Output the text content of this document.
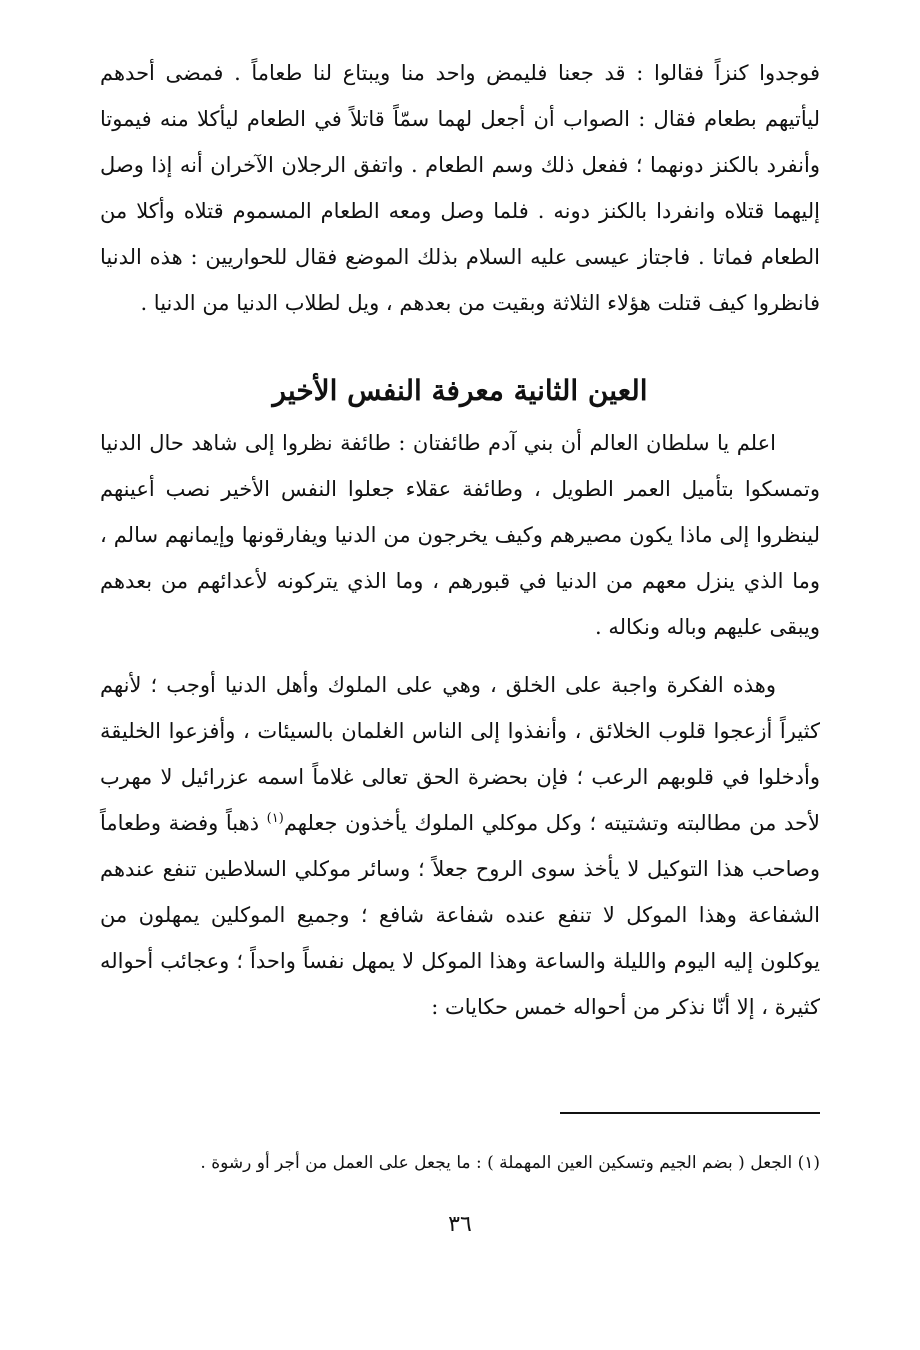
فوجدوا كنزاً فقالوا : قد جعنا فليمض واحد منا ويبتاع لنا طعاماً . فمضى أحدهم ليأتيهم بطعام فقال : الصواب أن أجعل لهما سمّاً قاتلاً في الطعام ليأكلا منه فيموتا وأنفرد بالكنز دونهما ؛ ففعل ذلك وسم الطعام . واتفق الرجلان الآخران أنه إذا وصل إليهما قتلاه وانفردا بالكنز دونه . فلما وصل ومعه الطعام المسموم قتلاه وأكلا من الطعام فماتا . فاجتاز عيسى عليه السلام بذلك الموضع فقال للحواريين : هذه الدنيا فانظروا كيف قتلت هؤلاء الثلاثة وبقيت من بعدهم ، ويل لطلاب الدنيا من الدنيا .

العين الثانية معرفة النفس الأخير

اعلم يا سلطان العالم أن بني آدم طائفتان : طائفة نظروا إلى شاهد حال الدنيا وتمسكوا بتأميل العمر الطويل ، وطائفة عقلاء جعلوا النفس الأخير نصب أعينهم لينظروا إلى ماذا يكون مصيرهم وكيف يخرجون من الدنيا ويفارقونها وإيمانهم سالم ، وما الذي ينزل معهم من الدنيا في قبورهم ، وما الذي يتركونه لأعدائهم من بعدهم ويبقى عليهم وباله ونكاله .

وهذه الفكرة واجبة على الخلق ، وهي على الملوك وأهل الدنيا أوجب ؛ لأنهم كثيراً أزعجوا قلوب الخلائق ، وأنفذوا إلى الناس الغلمان بالسيئات ، وأفزعوا الخليقة وأدخلوا في قلوبهم الرعب ؛ فإن بحضرة الحق تعالى غلاماً اسمه عزرائيل لا مهرب لأحد من مطالبته وتشتيته ؛ وكل موكلي الملوك يأخذون جعلهم$^{(١)}$ ذهباً وفضة وطعاماً وصاحب هذا التوكيل لا يأخذ سوى الروح جعلاً ؛ وسائر موكلي السلاطين تنفع عندهم الشفاعة وهذا الموكل لا تنفع عنده شفاعة شافع ؛ وجميع الموكلين يمهلون من يوكلون إليه اليوم والليلة والساعة وهذا الموكل لا يمهل نفساً واحداً ؛ وعجائب أحواله كثيرة ، إلا أنّا نذكر من أحواله خمس حكايات :

(١) الجعل ( بضم الجيم وتسكين العين المهملة ) : ما يجعل على العمل من أجر أو رشوة .
٣٦
